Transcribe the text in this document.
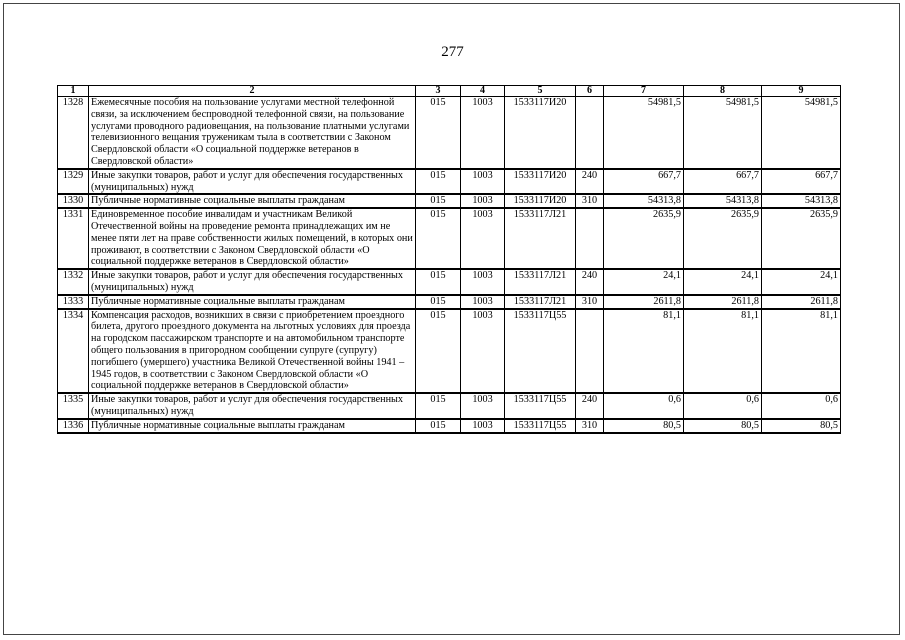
277
1	2	3	4	5	6	7	8	9
1328	Ежемесячные пособия на пользование услугами местной телефонной связи, за исключением беспроводной телефонной связи, на пользование услугами проводного радиовещания, на пользование платными услугами телевизионного вещания труженикам тыла в соответствии с Законом Свердловской области «О социальной поддержке ветеранов в Свердловской области»	015	1003	1533117И20		54981,5	54981,5	54981,5
1329	Иные закупки товаров, работ и услуг для обеспечения государственных (муниципальных) нужд	015	1003	1533117И20	240	667,7	667,7	667,7
1330	Публичные нормативные социальные выплаты гражданам	015	1003	1533117И20	310	54313,8	54313,8	54313,8
1331	Единовременное пособие инвалидам и участникам Великой Отечественной войны на проведение ремонта принадлежащих им не менее пяти лет на праве собственности жилых помещений, в которых они проживают, в соответствии с Законом Свердловской области «О социальной поддержке ветеранов в Свердловской области»	015	1003	1533117Л21		2635,9	2635,9	2635,9
1332	Иные закупки товаров, работ и услуг для обеспечения государственных (муниципальных) нужд	015	1003	1533117Л21	240	24,1	24,1	24,1
1333	Публичные нормативные социальные выплаты гражданам	015	1003	1533117Л21	310	2611,8	2611,8	2611,8
1334	Компенсация расходов, возникших в связи с приобретением проездного билета, другого проездного документа на льготных условиях для проезда на городском пассажирском транспорте и на автомобильном транспорте общего пользования в пригородном сообщении супруге (супругу) погибшего (умершего) участника Великой Отечественной войны 1941 – 1945 годов, в соответствии с Законом Свердловской области «О социальной поддержке ветеранов в Свердловской области»	015	1003	1533117Ц55		81,1	81,1	81,1
1335	Иные закупки товаров, работ и услуг для обеспечения государственных (муниципальных) нужд	015	1003	1533117Ц55	240	0,6	0,6	0,6
1336	Публичные нормативные социальные выплаты гражданам	015	1003	1533117Ц55	310	80,5	80,5	80,5
